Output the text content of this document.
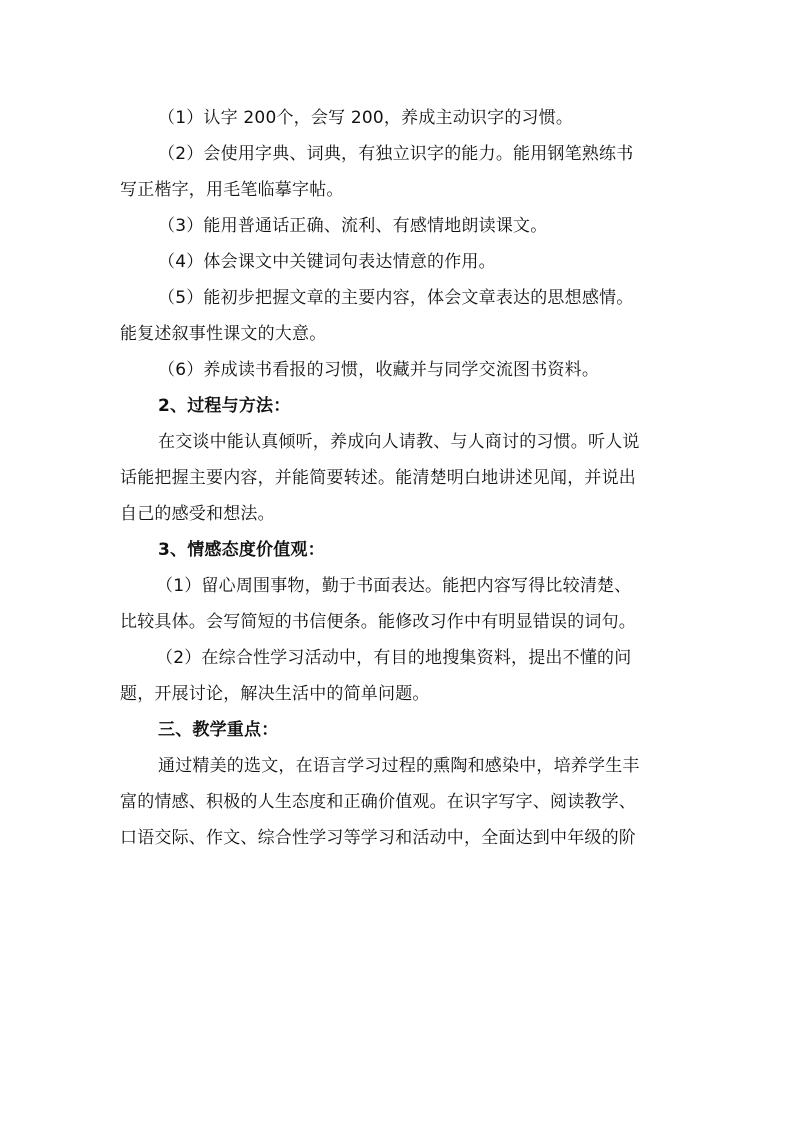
（1）认字 200个，会写 200，养成主动识字的习惯。
（2）会使用字典、词典，有独立识字的能力。能用钢笔熟练书
写正楷字，用毛笔临摹字帖。
（3）能用普通话正确、流利、有感情地朗读课文。
（4）体会课文中关键词句表达情意的作用。
（5）能初步把握文章的主要内容，体会文章表达的思想感情。
能复述叙事性课文的大意。
（6）养成读书看报的习惯，收藏并与同学交流图书资料。
2、过程与方法：
在交谈中能认真倾听，养成向人请教、与人商讨的习惯。听人说
话能把握主要内容，并能简要转述。能清楚明白地讲述见闻，并说出
自己的感受和想法。
3、情感态度价值观：
（1）留心周围事物，勤于书面表达。能把内容写得比较清楚、
比较具体。会写简短的书信便条。能修改习作中有明显错误的词句。
（2）在综合性学习活动中，有目的地搜集资料，提出不懂的问
题，开展讨论，解决生活中的简单问题。
三、教学重点：
通过精美的选文，在语言学习过程的熏陶和感染中，培养学生丰
富的情感、积极的人生态度和正确价值观。在识字写字、阅读教学、
口语交际、作文、综合性学习等学习和活动中，全面达到中年级的阶
